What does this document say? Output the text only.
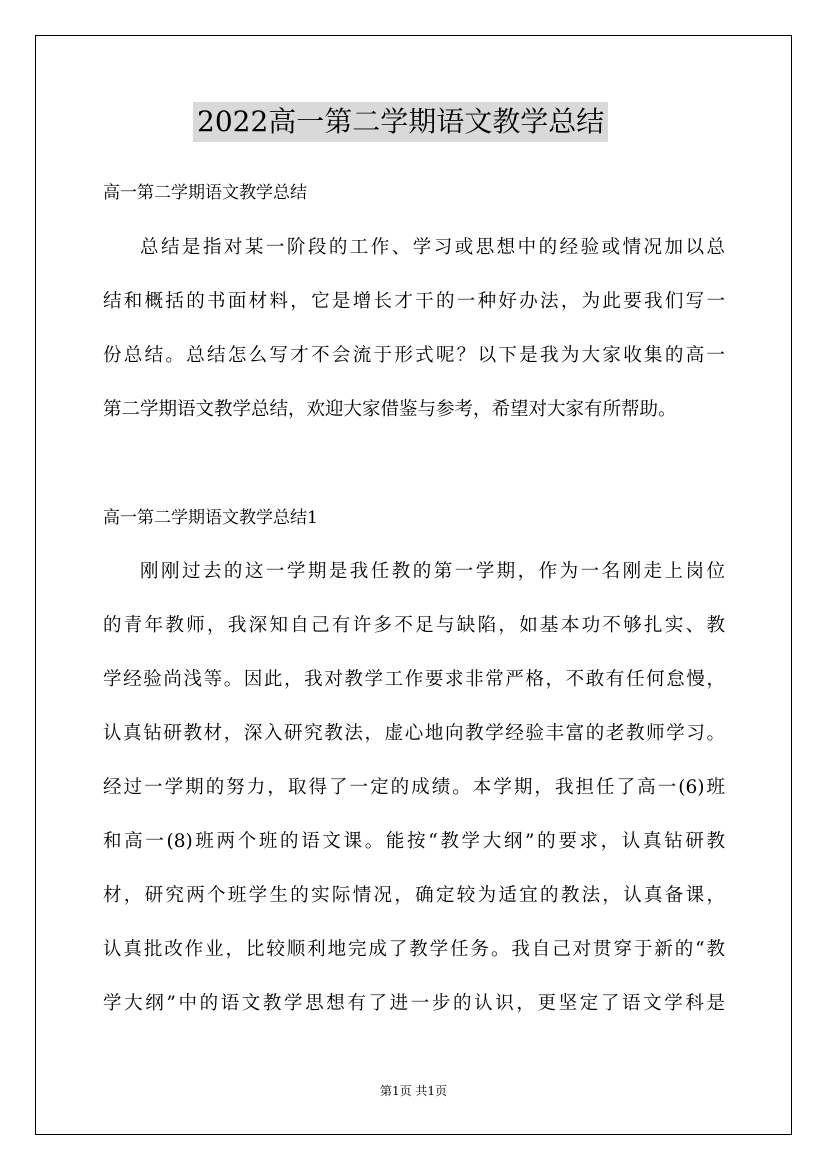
2022高一第二学期语文教学总结
高一第二学期语文教学总结
总结是指对某一阶段的工作、学习或思想中的经验或情况加以总
结和概括的书面材料，它是增长才干的一种好办法，为此要我们写一
份总结。总结怎么写才不会流于形式呢？以下是我为大家收集的高一
第二学期语文教学总结，欢迎大家借鉴与参考，希望对大家有所帮助。
高一第二学期语文教学总结1
刚刚过去的这一学期是我任教的第一学期，作为一名刚走上岗位
的青年教师，我深知自己有许多不足与缺陷，如基本功不够扎实、教
学经验尚浅等。因此，我对教学工作要求非常严格，不敢有任何怠慢，
认真钻研教材，深入研究教法，虚心地向教学经验丰富的老教师学习。
经过一学期的努力，取得了一定的成绩。本学期，我担任了高一(6)班
和高一(8)班两个班的语文课。能按“教学大纲”的要求，认真钻研教
材，研究两个班学生的实际情况，确定较为适宜的教法，认真备课，
认真批改作业，比较顺利地完成了教学任务。我自己对贯穿于新的“教
学大纲”中的语文教学思想有了进一步的认识，更坚定了语文学科是
第1页 共1页
